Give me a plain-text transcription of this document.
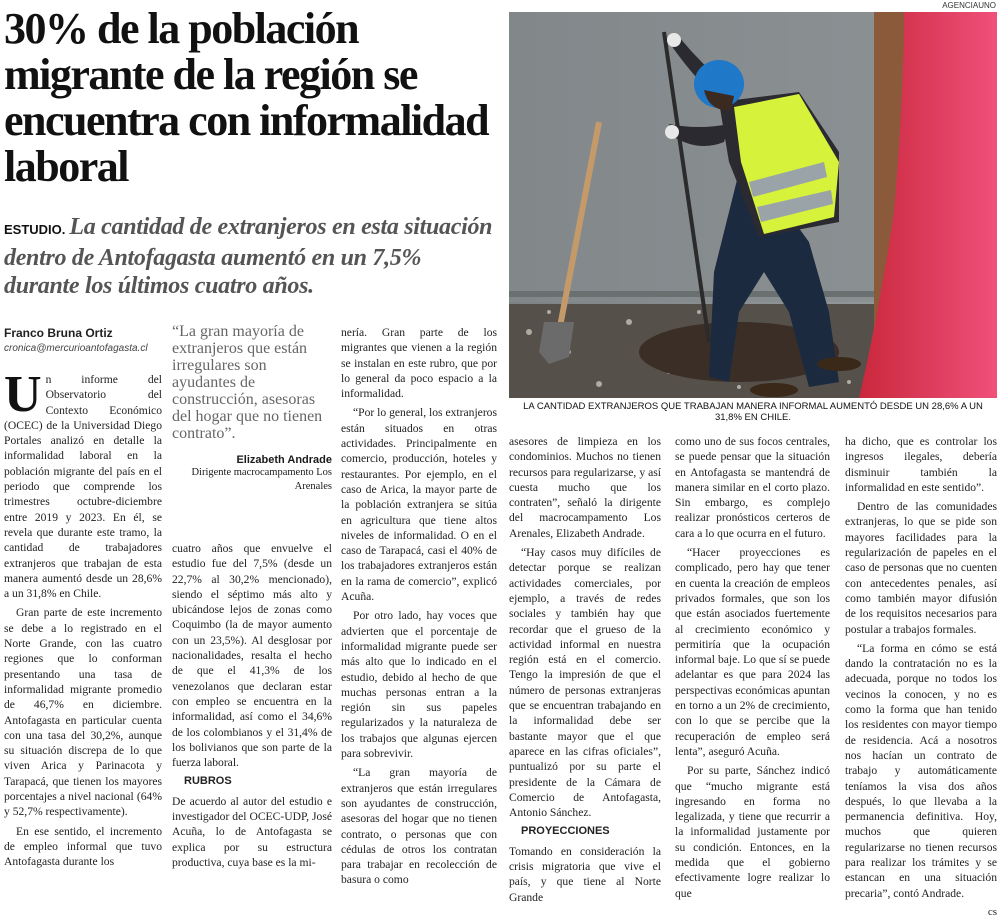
30% de la población migrante de la región se encuentra con informalidad laboral
ESTUDIO. La cantidad de extranjeros en esta situación dentro de Antofagasta aumentó en un 7,5% durante los últimos cuatro años.
Franco Bruna Ortiz
cronica@mercurioantofagasta.cl

“La gran mayoría de extranjeros que están irregulares son ayudantes de construcción, asesoras del hogar que no tienen contrato”.

Elizabeth Andrade
Dirigente macrocampamento Los Arenales

Un informe del Observatorio del Contexto Económico (OCEC) de la Universidad Diego Portales analizó en detalle la informalidad laboral en la población migrante del país en el periodo que comprende los trimestres octubre-diciembre entre 2019 y 2023. En él, se revela que durante este tramo, la cantidad de trabajadores extranjeros que trabajan de esta manera aumentó desde un 28,6% a un 31,8% en Chile.

Gran parte de este incremento se debe a lo registrado en el Norte Grande, con las cuatro regiones que lo conforman presentando una tasa de informalidad migrante promedio de 46,7% en diciembre. Antofagasta en particular cuenta con una tasa del 30,2%, aunque su situación discrepa de lo que viven Arica y Parinacota y Tarapacá, que tienen los mayores porcentajes a nivel nacional (64% y 52,7% respectivamente).

En ese sentido, el incremento de empleo informal que tuvo Antofagasta durante los

cuatro años que envuelve el estudio fue del 7,5% (desde un 22,7% al 30,2% mencionado), siendo el séptimo más alto y ubicándose lejos de zonas como Coquimbo (la de mayor aumento con un 23,5%). Al desglosar por nacionalidades, resalta el hecho de que el 41,3% de los venezolanos que declaran estar con empleo se encuentra en la informalidad, así como el 34,6% de los colombianos y el 31,4% de los bolivianos que son parte de la fuerza laboral.

RUBROS

De acuerdo al autor del estudio e investigador del OCEC-UDP, José Acuña, lo de Antofagasta se explica por su estructura productiva, cuya base es la mi-

nería. Gran parte de los migrantes que vienen a la región se instalan en este rubro, que por lo general da poco espacio a la informalidad.

“Por lo general, los extranjeros están situados en otras actividades. Principalmente en comercio, producción, hoteles y restaurantes. Por ejemplo, en el caso de Arica, la mayor parte de la población extranjera se sitúa en agricultura que tiene altos niveles de informalidad. O en el caso de Tarapacá, casi el 40% de los trabajadores extranjeros están en la rama de comercio”, explicó Acuña.

Por otro lado, hay voces que advierten que el porcentaje de informalidad migrante puede ser más alto que lo indicado en el estudio, debido al hecho de que muchas personas entran a la región sin sus papeles regularizados y la naturaleza de los trabajos que algunas ejercen para sobrevivir.

“La gran mayoría de extranjeros que están irregulares son ayudantes de construcción, asesoras del hogar que no tienen contrato, o personas que con cédulas de otros los contratan para trabajar en recolección de basura o como

asesores de limpieza en los condominios. Muchos no tienen recursos para regularizarse, y así cuesta mucho que los contraten”, señaló la dirigente del macrocampamento Los Arenales, Elizabeth Andrade.

“Hay casos muy difíciles de detectar porque se realizan actividades comerciales, por ejemplo, a través de redes sociales y también hay que recordar que el grueso de la actividad informal en nuestra región está en el comercio. Tengo la impresión de que el número de personas extranjeras que se encuentran trabajando en la informalidad debe ser bastante mayor que el que aparece en las cifras oficiales”, puntualizó por su parte el presidente de la Cámara de Comercio de Antofagasta, Antonio Sánchez.

PROYECCIONES

Tomando en consideración la crisis migratoria que vive el país, y que tiene al Norte Grande

como uno de sus focos centrales, se puede pensar que la situación en Antofagasta se mantendrá de manera similar en el corto plazo. Sin embargo, es complejo realizar pronósticos certeros de cara a lo que ocurra en el futuro.

“Hacer proyecciones es complicado, pero hay que tener en cuenta la creación de empleos privados formales, que son los que están asociados fuertemente al crecimiento económico y permitiría que la ocupación informal baje. Lo que sí se puede adelantar es que para 2024 las perspectivas económicas apuntan en torno a un 2% de crecimiento, con lo que se percibe que la recuperación de empleo será lenta”, aseguró Acuña.

Por su parte, Sánchez indicó que “mucho migrante está ingresando en forma no legalizada, y tiene que recurrir a la informalidad justamente por su condición. Entonces, en la medida que el gobierno efectivamente logre realizar lo que

ha dicho, que es controlar los ingresos ilegales, debería disminuir también la informalidad en este sentido”.

Dentro de las comunidades extranjeras, lo que se pide son mayores facilidades para la regularización de papeles en el caso de personas que no cuenten con antecedentes penales, así como también mayor difusión de los requisitos necesarios para postular a trabajos formales.

“La forma en cómo se está dando la contratación no es la adecuada, porque no todos los vecinos la conocen, y no es como la forma que han tenido los residentes con mayor tiempo de residencia. Acá a nosotros nos hacían un contrato de trabajo y automáticamente teníamos la visa dos años después, lo que llevaba a la permanencia definitiva. Hoy, muchos que quieren regularizarse no tienen recursos para realizar los trámites y se estancan en una situación precaria”, contó Andrade.

cs
AGENCIAUNO
LA CANTIDAD EXTRANJEROS QUE TRABAJAN MANERA INFORMAL AUMENTÓ DESDE UN 28,6% A UN 31,8% EN CHILE.
